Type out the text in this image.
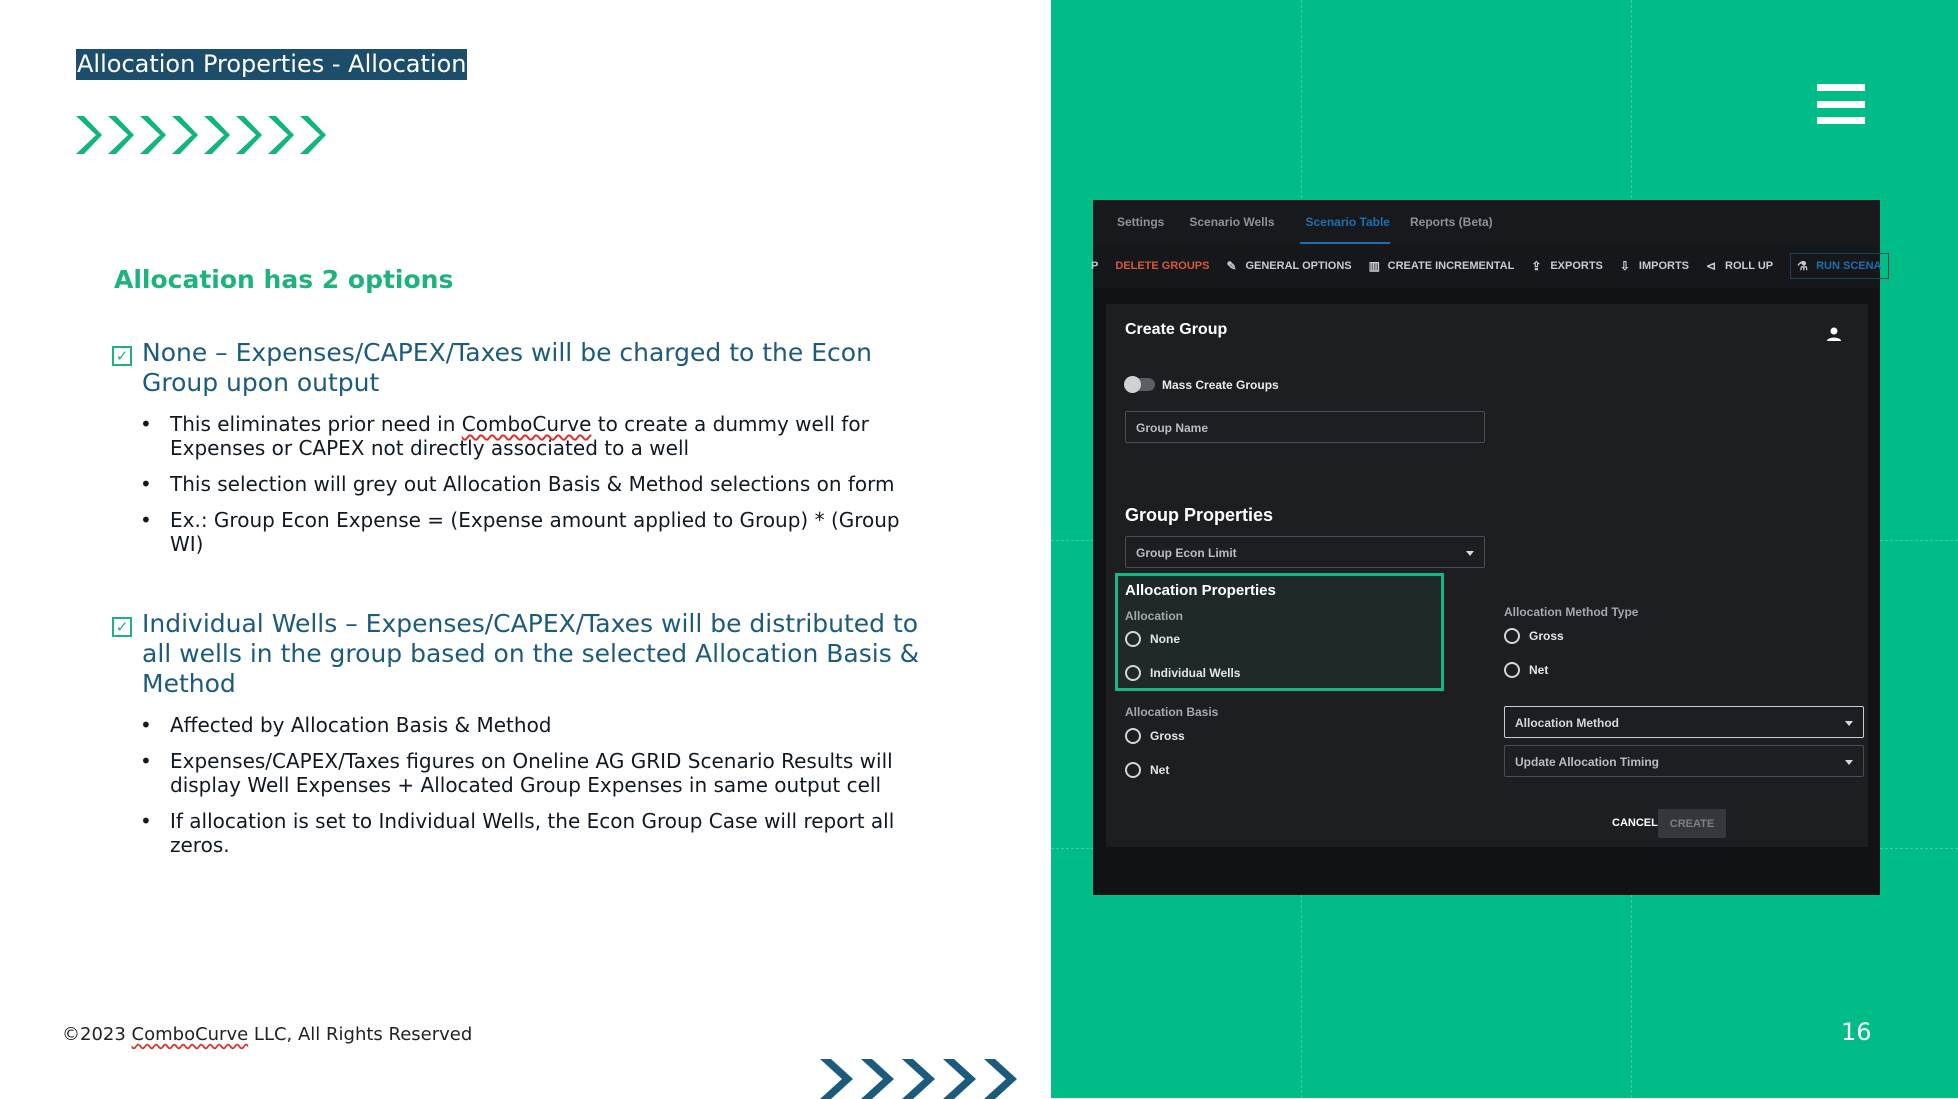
Allocation Properties - Allocation
Allocation has 2 options
✓ None – Expenses/CAPEX/Taxes will be charged to the Econ Group upon output
• This eliminates prior need in ComboCurve to create a dummy well for Expenses or CAPEX not directly associated to a well
• This selection will grey out Allocation Basis & Method selections on form
• Ex.: Group Econ Expense = (Expense amount applied to Group) * (Group WI)
✓ Individual Wells – Expenses/CAPEX/Taxes will be distributed to all wells in the group based on the selected Allocation Basis & Method
• Affected by Allocation Basis & Method
• Expenses/CAPEX/Taxes figures on Oneline AG GRID Scenario Results will display Well Expenses + Allocated Group Expenses in same output cell
• If allocation is set to Individual Wells, the Econ Group Case will report all zeros.
©2023 ComboCurve LLC, All Rights Reserved	16
Settings	Scenario Wells	Scenario Table Reports (Beta)
P DELETE GROUPS ✎ GENERAL OPTIONS ▥ CREATE INCREMENTAL ⇪ EXPORTS ⇩ IMPORTS ⊲ ROLL UP ⚗ RUN SCENA
Create Group
Mass Create Groups
Group Name
Group Properties
Group Econ Limit
Allocation Properties
Allocation
None
Individual Wells
Allocation Method Type
Gross
Net
Allocation Basis
Gross
Net
Allocation Method
Update Allocation Timing
CANCEL	CREATE
